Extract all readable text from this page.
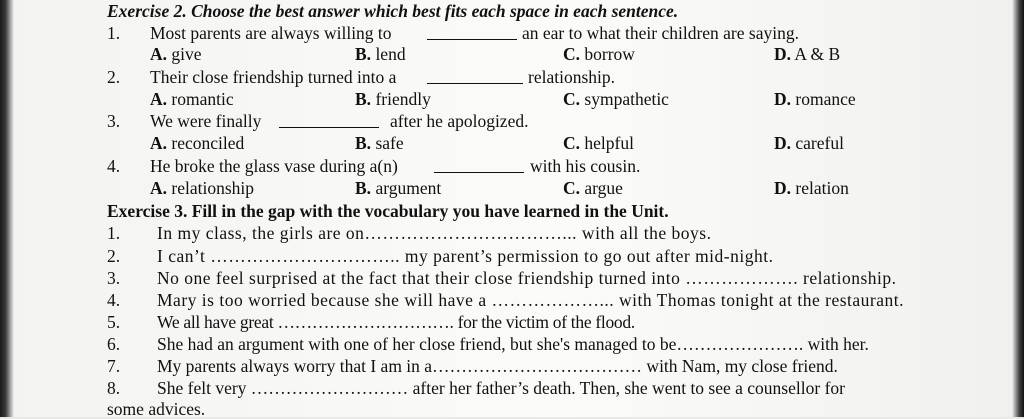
Exercise 2. Choose the best answer which best fits each space in each sentence.
1. Most parents are always willing to	an ear to what their children are saying.
A. give	B. lend	C. borrow	D. A & B
2. Their close friendship turned into a	relationship.
A. romantic	B. friendly	C. sympathetic	D. romance
3. We were finally	after he apologized.
A. reconciled	B. safe	C. helpful	D. careful
4. He broke the glass vase during a(n)	with his cousin.
A. relationship	B. argument	C. argue	D. relation
Exercise 3. Fill in the gap with the vocabulary you have learned in the Unit.
1. In my class, the girls are on……………………………... with all the boys.
2. I can’t ………………………….. my parent’s permission to go out after mid-night.
3. No one feel surprised at the fact that their close friendship turned into ………………. relationship.
4. Mary is too worried because she will have a ………………... with Thomas tonight at the restaurant.
5. We all have great …………………………. for the victim of the flood.
6. She had an argument with one of her close friend, but she's managed to be…………………. with her.
7. My parents always worry that I am in a……………………………… with Nam, my close friend.
8. She felt very ……………………… after her father’s death. Then, she went to see a counsellor for
some advices.
